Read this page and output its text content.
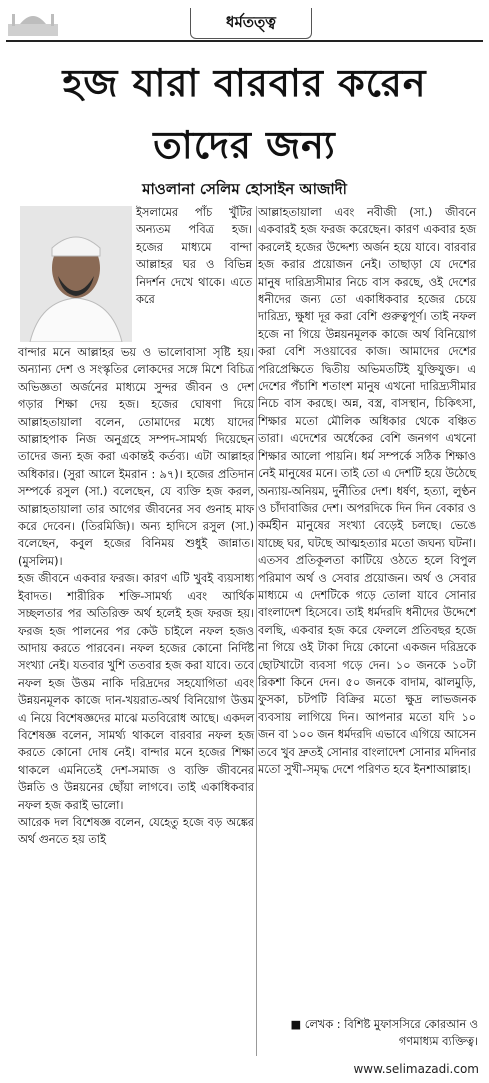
ধর্মতত্ত্ব
হজ যারা বারবার করেন
তাদের জন্য
মাওলানা সেলিম হোসাইন আজাদী

ইসলামের পাঁচ খুঁটির অন্যতম পবিত্র হজ। হজের মাধ্যমে বান্দা আল্লাহর ঘর ও বিভিন্ন নিদর্শন দেখে থাকে। এতে করে

বান্দার মনে আল্লাহর ভয় ও ভালোবাসা সৃষ্টি হয়। অন্যান্য দেশ ও সংস্কৃতির লোকদের সঙ্গে মিশে বিচিত্র অভিজ্ঞতা অর্জনের মাধ্যমে সুন্দর জীবন ও দেশ গড়ার শিক্ষা দেয় হজ। হজের ঘোষণা দিয়ে আল্লাহতায়ালা বলেন, তোমাদের মধ্যে যাদের আল্লাহপাক নিজ অনুগ্রহে সম্পদ-সামর্থ্য দিয়েছেন তাদের জন্য হজ করা একান্তই কর্তব্য। এটা আল্লাহর অধিকার। (সুরা আলে ইমরান : ৯৭)। হজের প্রতিদান সম্পর্কে রসুল (সা.) বলেছেন, যে ব্যক্তি হজ করল, আল্লাহতায়ালা তার আগের জীবনের সব গুনাহ মাফ করে দেবেন। (তিরমিজি)। অন্য হাদিসে রসুল (সা.) বলেছেন, কবুল হজের বিনিময় শুধুই জান্নাত। (মুসলিম)।

হজ জীবনে একবার ফরজ। কারণ এটি খুবই ব্যয়সাধ্য ইবাদত। শারীরিক শক্তি-সামর্থ্য এবং আর্থিক সচ্ছলতার পর অতিরিক্ত অর্থ হলেই হজ ফরজ হয়। ফরজ হজ পালনের পর কেউ চাইলে নফল হজও আদায় করতে পারবেন। নফল হজের কোনো নির্দিষ্ট সংখ্যা নেই। যতবার খুশি ততবার হজ করা যাবে। তবে নফল হজ উত্তম নাকি দরিদ্রদের সহযোগিতা এবং উন্নয়নমূলক কাজে দান-খয়রাত-অর্থ বিনিয়োগ উত্তম এ নিয়ে বিশেষজ্ঞদের মাঝে মতবিরোধ আছে। একদল বিশেষজ্ঞ বলেন, সামর্থ্য থাকলে বারবার নফল হজ করতে কোনো দোষ নেই। বান্দার মনে হজের শিক্ষা থাকলে এমনিতেই দেশ-সমাজ ও ব্যক্তি জীবনের উন্নতি ও উন্নয়নের ছোঁয়া লাগবে। তাই একাধিকবার নফল হজ করাই ভালো।

আরেক দল বিশেষজ্ঞ বলেন, যেহেতু হজে বড় অঙ্কের অর্থ গুনতে হয় তাই

আল্লাহতায়ালা এবং নবীজী (সা.) জীবনে একবারই হজ ফরজ করেছেন। কারণ একবার হজ করলেই হজের উদ্দেশ্য অর্জন হয়ে যাবে। বারবার হজ করার প্রয়োজন নেই। তাছাড়া যে দেশের মানুষ দারিদ্র্যসীমার নিচে বাস করছে, ওই দেশের ধনীদের জন্য তো একাধিকবার হজের চেয়ে দারিদ্র্য, ক্ষুধা দূর করা বেশি গুরুত্বপূর্ণ। তাই নফল হজে না গিয়ে উন্নয়নমূলক কাজে অর্থ বিনিয়োগ করা বেশি সওয়াবের কাজ। আমাদের দেশের পরিপ্রেক্ষিতে দ্বিতীয় অভিমতটিই যুক্তিযুক্ত। এ দেশের পঁচাশি শতাংশ মানুষ এখনো দারিদ্র্যসীমার নিচে বাস করছে। অন্ন, বস্ত্র, বাসস্থান, চিকিৎসা, শিক্ষার মতো মৌলিক অধিকার থেকে বঞ্চিত তারা। এদেশের অর্ধেকের বেশি জনগণ এখনো শিক্ষার আলো পায়নি। ধর্ম সম্পর্কে সঠিক শিক্ষাও নেই মানুষের মনে। তাই তো এ দেশটি হয়ে উঠেছে অন্যায়-অনিয়ম, দুর্নীতির দেশ। ধর্ষণ, হত্যা, লুণ্ঠন ও চাঁদাবাজির দেশ। অপরদিকে দিন দিন বেকার ও কর্মহীন মানুষের সংখ্যা বেড়েই চলছে। ভেঙে যাচ্ছে ঘর, ঘটছে আত্মহত্যার মতো জঘন্য ঘটনা। এতসব প্রতিকূলতা কাটিয়ে ওঠতে হলে বিপুল পরিমাণ অর্থ ও সেবার প্রয়োজন। অর্থ ও সেবার মাধ্যমে এ দেশটিকে গড়ে তোলা যাবে সোনার বাংলাদেশ হিসেবে। তাই ধর্মদরদি ধনীদের উদ্দেশে বলছি, একবার হজ করে ফেললে প্রতিবছর হজে না গিয়ে ওই টাকা দিয়ে কোনো একজন দরিদ্রকে ছোটখাটো ব্যবসা গড়ে দেন। ১০ জনকে ১০টা রিকশা কিনে দেন। ৫০ জনকে বাদাম, ঝালমুড়ি, ফুসকা, চটপটি বিক্রির মতো ক্ষুদ্র লাভজনক ব্যবসায় লাগিয়ে দিন। আপনার মতো যদি ১০ জন বা ১০০ জন ধর্মদরদি এভাবে এগিয়ে আসেন তবে খুব দ্রুতই সোনার বাংলাদেশ সোনার মদিনার মতো সুখী-সমৃদ্ধ দেশে পরিণত হবে ইনশাআল্লাহ।

■ লেখক : বিশিষ্ট মুফাসসিরে কোরআন ও গণমাধ্যম ব্যক্তিত্ব।
www.selimazadi.com
